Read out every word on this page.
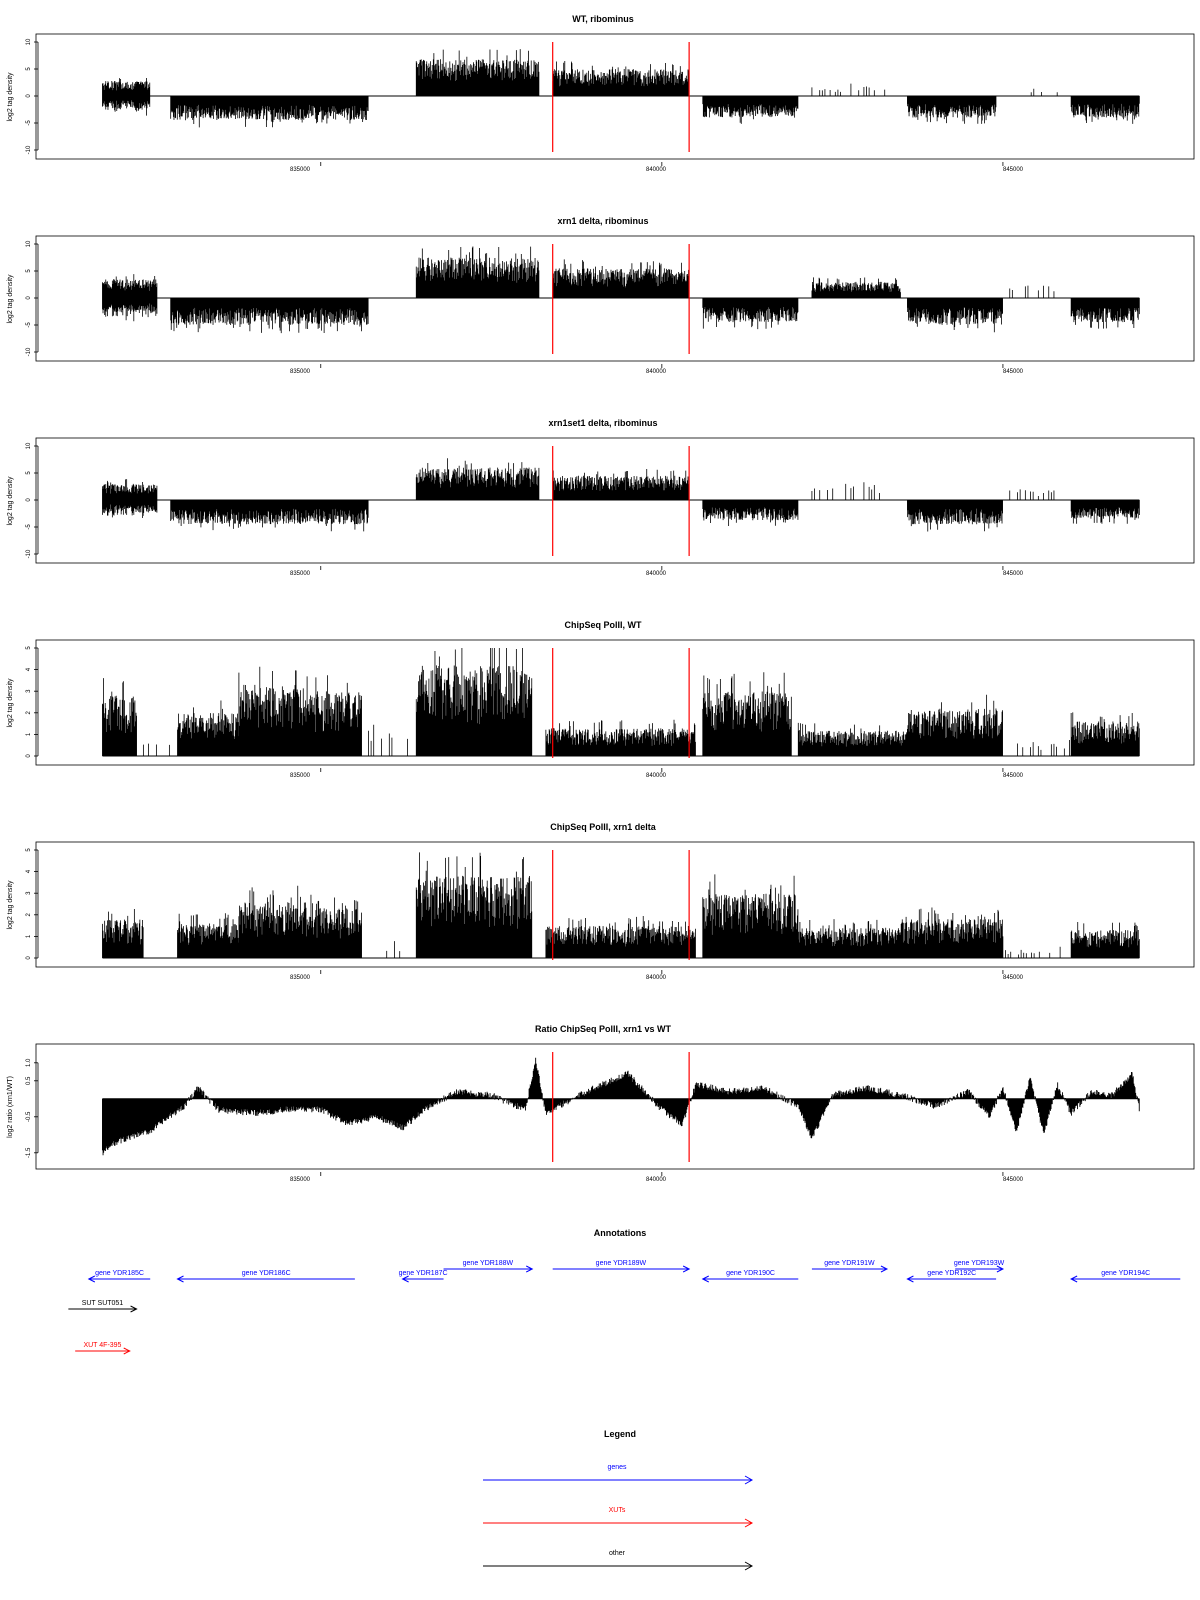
WT, ribominus
log2 tag density
-10
-5
0
5
10
835000	840000	845000
xrn1 delta, ribominus
log2 tag density
-10
-5
0
5
10
835000	840000	845000
xrn1set1 delta, ribominus
log2 tag density
-10
-5
0
5
10
835000	840000	845000
ChipSeq PolII, WT
log2 tag density
0
1
2
3
4
5
835000	840000	845000
ChipSeq PolII, xrn1 delta
log2 tag density
0
1
2
3
4
5
835000	840000	845000
Ratio ChipSeq PolII, xrn1 vs WT
log2 ratio (xrn1/WT)
-1.5
-0.5
0.5
1.0
835000	840000	845000
Annotations
gene YDR185C	gene YDR186C	gene YDR187C
gene YDR188W	gene YDR189W
gene YDR190C
gene YDR191W
gene YDR192C
gene YDR193W
gene YDR194C
SUT SUT051
XUT 4F-395
Legend
genes
XUTs
other
